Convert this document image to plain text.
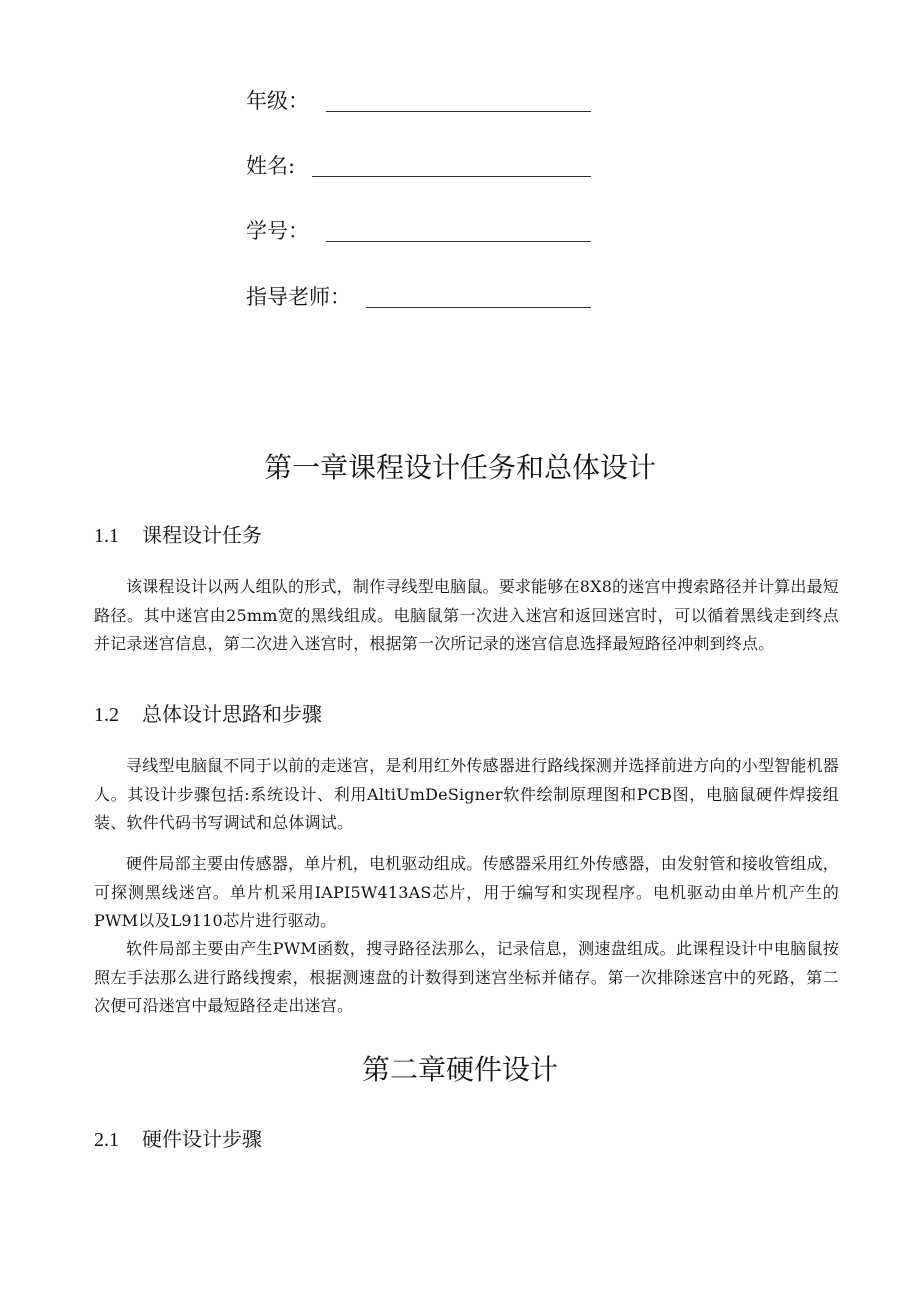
年级：
姓名:
学号：
指导老师：
第一章课程设计任务和总体设计
1.1 课程设计任务

该课程设计以两人组队的形式，制作寻线型电脑鼠。要求能够在8X8的迷宫中搜索路径并计算出最短路径。其中迷宫由25mm宽的黑线组成。电脑鼠第一次进入迷宫和返回迷宫时，可以循着黑线走到终点并记录迷宫信息，第二次进入迷宫时，根据第一次所记录的迷宫信息选择最短路径冲刺到终点。

1.2 总体设计思路和步骤

寻线型电脑鼠不同于以前的走迷宫，是利用红外传感器进行路线探测并选择前进方向的小型智能机器人。其设计步骤包括:系统设计、利用AltiUmDeSigner软件绘制原理图和PCB图，电脑鼠硬件焊接组装、软件代码书写调试和总体调试。

硬件局部主要由传感器，单片机，电机驱动组成。传感器采用红外传感器，由发射管和接收管组成，可探测黑线迷宫。单片机采用IAPI5W413AS芯片，用于编写和实现程序。电机驱动由单片机产生的PWM以及L9110芯片进行驱动。

软件局部主要由产生PWM函数，搜寻路径法那么，记录信息，测速盘组成。此课程设计中电脑鼠按照左手法那么进行路线搜索，根据测速盘的计数得到迷宫坐标并储存。第一次排除迷宫中的死路，第二次便可沿迷宫中最短路径走出迷宫。

第二章硬件设计
2.1 硬件设计步骤
